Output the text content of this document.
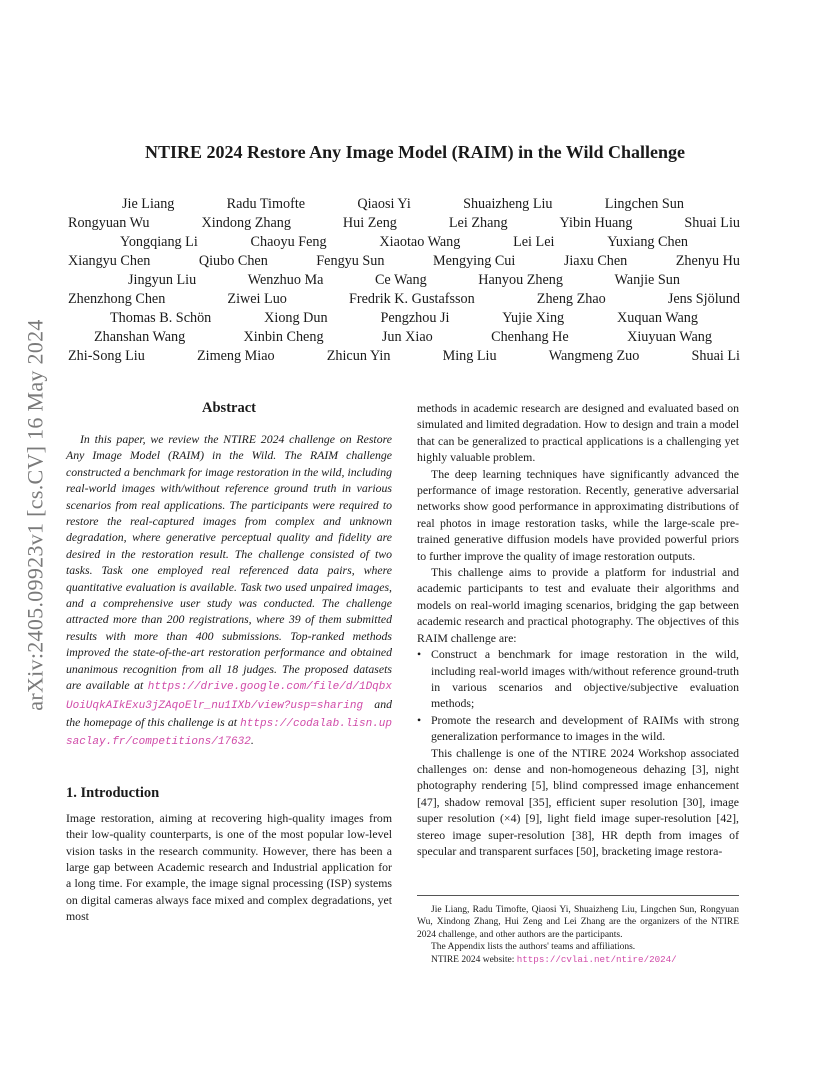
arXiv:2405.09923v1 [cs.CV] 16 May 2024
NTIRE 2024 Restore Any Image Model (RAIM) in the Wild Challenge
Jie Liang	Radu Timofte	Qiaosi Yi	Shuaizheng Liu	Lingchen Sun
Rongyuan Wu	Xindong Zhang	Hui Zeng	Lei Zhang	Yibin Huang	Shuai Liu
Yongqiang Li	Chaoyu Feng	Xiaotao Wang	Lei Lei	Yuxiang Chen
Xiangyu Chen	Qiubo Chen	Fengyu Sun	Mengying Cui	Jiaxu Chen	Zhenyu Hu
Jingyun Liu	Wenzhuo Ma	Ce Wang	Hanyou Zheng	Wanjie Sun
Zhenzhong Chen	Ziwei Luo	Fredrik K. Gustafsson	Zheng Zhao	Jens Sjölund
Thomas B. Schön	Xiong Dun	Pengzhou Ji	Yujie Xing	Xuquan Wang
Zhanshan Wang	Xinbin Cheng	Jun Xiao	Chenhang He	Xiuyuan Wang
Zhi-Song Liu	Zimeng Miao	Zhicun Yin	Ming Liu	Wangmeng Zuo	Shuai Li
Abstract

In this paper, we review the NTIRE 2024 challenge on Restore Any Image Model (RAIM) in the Wild. The RAIM challenge constructed a benchmark for image restoration in the wild, including real-world images with/without reference ground truth in various scenarios from real applications. The participants were required to restore the real-captured images from complex and unknown degradation, where generative perceptual quality and fidelity are desired in the restoration result. The challenge consisted of two tasks. Task one employed real referenced data pairs, where quantitative evaluation is available. Task two used unpaired images, and a comprehensive user study was conducted. The challenge attracted more than 200 registrations, where 39 of them submitted results with more than 400 submissions. Top-ranked methods improved the state-of-the-art restoration performance and obtained unanimous recognition from all 18 judges. The proposed datasets are available at https://drive.google.com/file/d/1DqbxUoiUqkAIkExu3jZAqoElr_nu1IXb/view?usp=sharing and the homepage of this challenge is at https://codalab.lisn.upsaclay.fr/competitions/17632.

1. Introduction

Image restoration, aiming at recovering high-quality images from their low-quality counterparts, is one of the most popular low-level vision tasks in the research community. However, there has been a large gap between Academic research and Industrial application for a long time. For example, the image signal processing (ISP) systems on digital cameras always face mixed and complex degradations, yet most

methods in academic research are designed and evaluated based on simulated and limited degradation. How to design and train a model that can be generalized to practical applications is a challenging yet highly valuable problem.

The deep learning techniques have significantly advanced the performance of image restoration. Recently, generative adversarial networks show good performance in approximating distributions of real photos in image restoration tasks, while the large-scale pre-trained generative diffusion models have provided powerful priors to further improve the quality of image restoration outputs.

This challenge aims to provide a platform for industrial and academic participants to test and evaluate their algorithms and models on real-world imaging scenarios, bridging the gap between academic research and practical photography. The objectives of this RAIM challenge are:

• Construct a benchmark for image restoration in the wild, including real-world images with/without reference ground-truth in various scenarios and objective/subjective evaluation methods;
• Promote the research and development of RAIMs with strong generalization performance to images in the wild.

This challenge is one of the NTIRE 2024 Workshop associated challenges on: dense and non-homogeneous dehazing [3], night photography rendering [5], blind compressed image enhancement [47], shadow removal [35], efficient super resolution [30], image super resolution (×4) [9], light field image super-resolution [42], stereo image super-resolution [38], HR depth from images of specular and transparent surfaces [50], bracketing image restora-

Jie Liang, Radu Timofte, Qiaosi Yi, Shuaizheng Liu, Lingchen Sun, Rongyuan Wu, Xindong Zhang, Hui Zeng and Lei Zhang are the organizers of the NTIRE 2024 challenge, and other authors are the participants.

The Appendix lists the authors' teams and affiliations.

NTIRE 2024 website: https://cvlai.net/ntire/2024/
